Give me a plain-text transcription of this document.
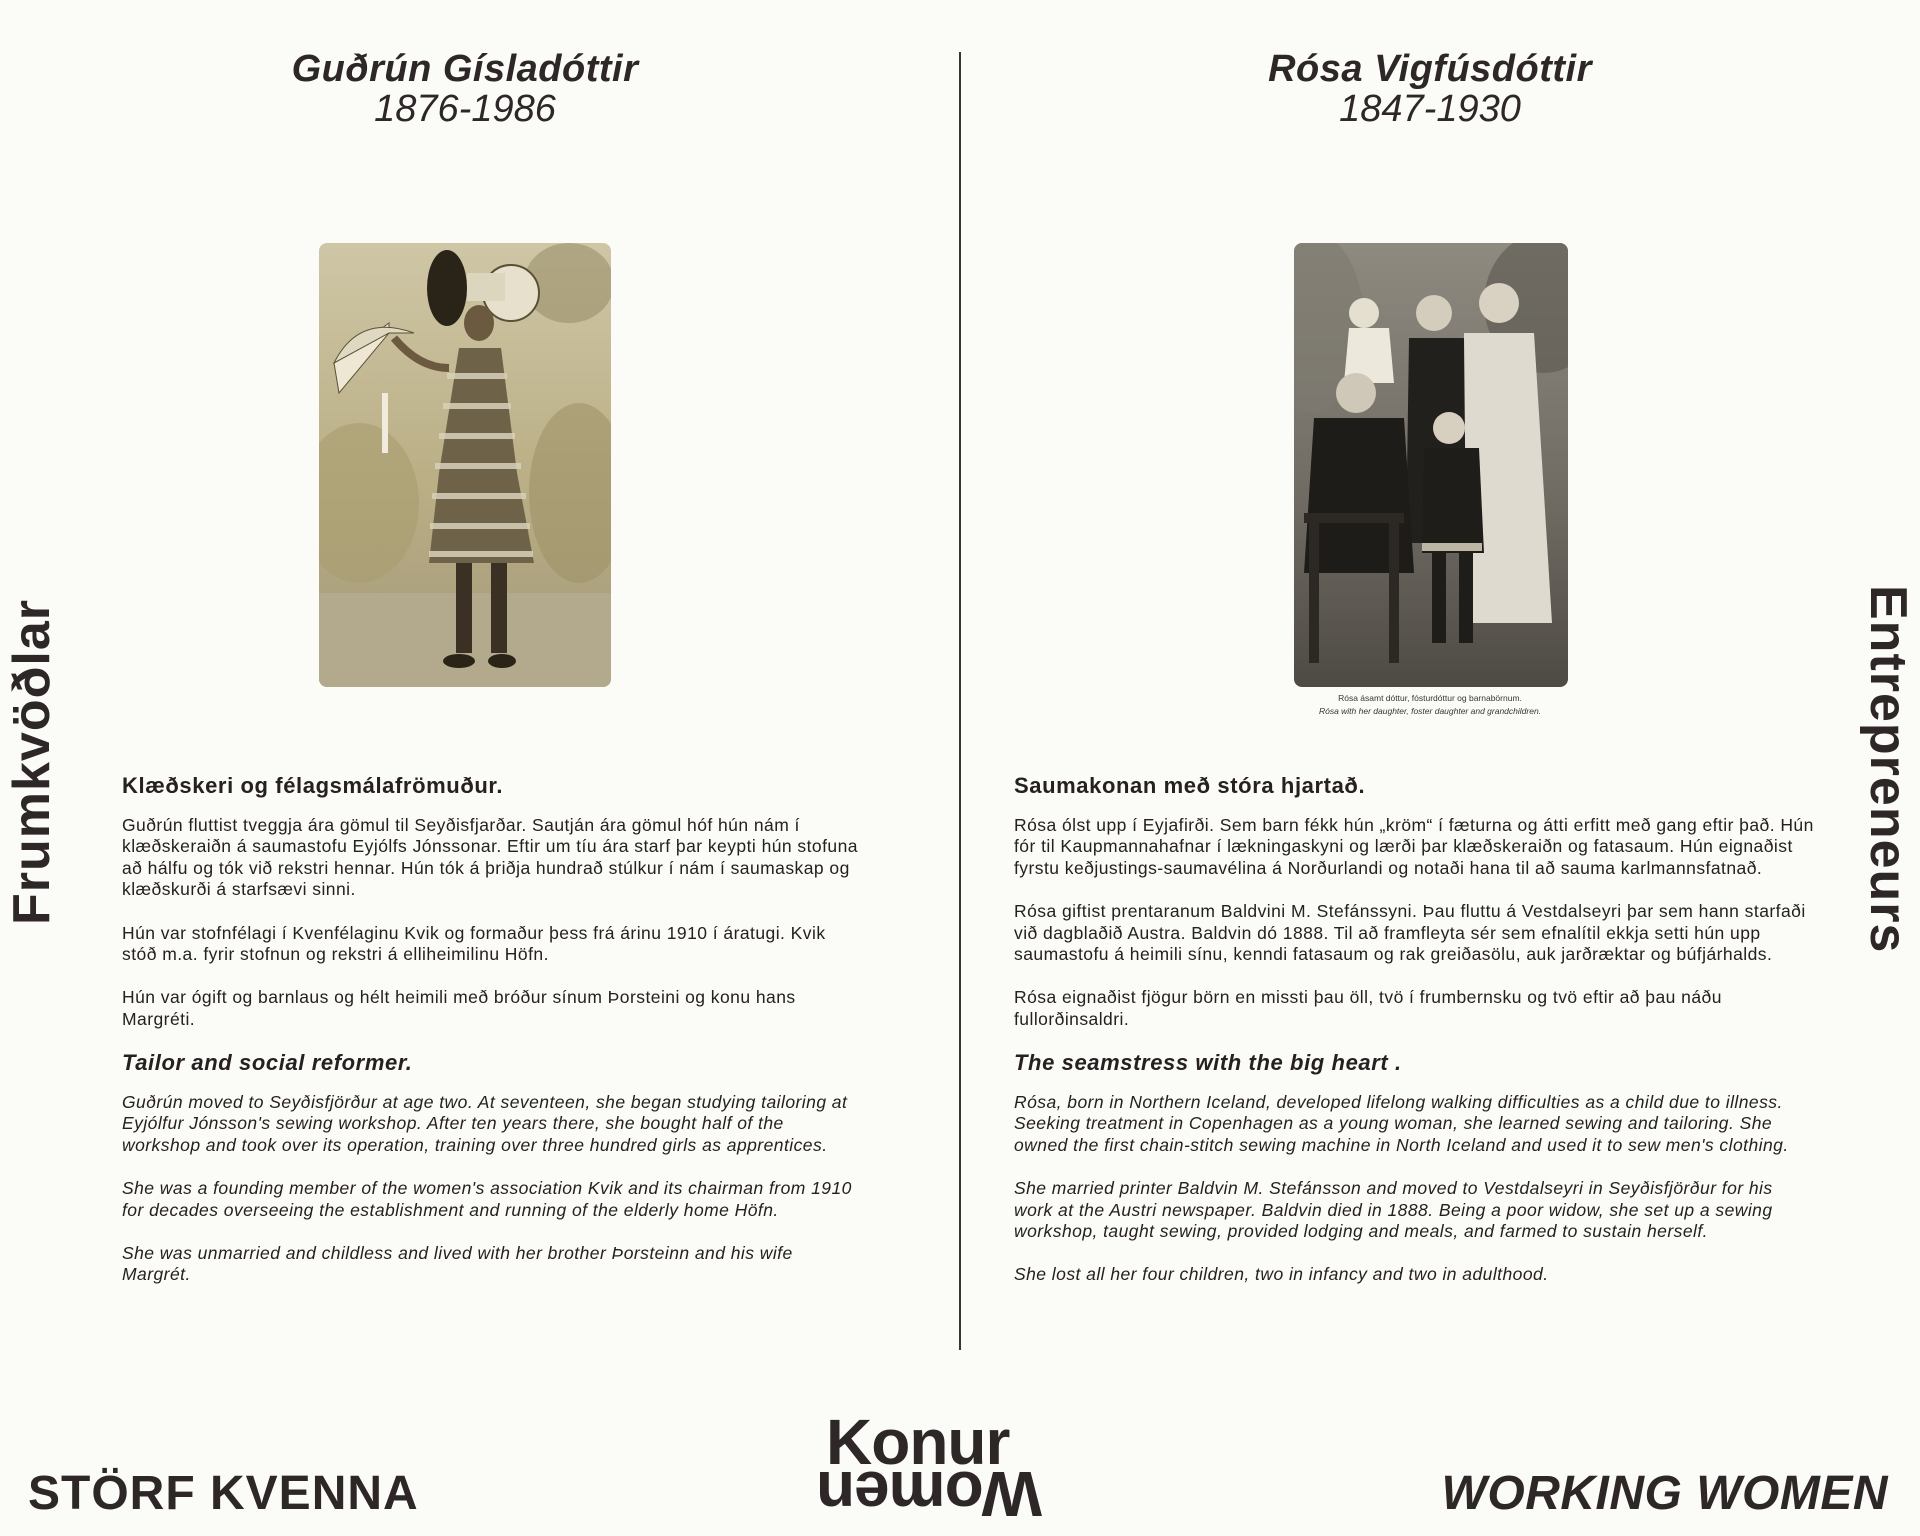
Guðrún Gísladóttir
1876-1986
Rósa Vigfúsdóttir
1847-1930
Rósa ásamt dóttur, fósturdóttur og barnabörnum.
Rósa with her daughter, foster daughter and grandchildren.
Klæðskeri og félagsmálafrömuður.

Guðrún fluttist tveggja ára gömul til Seyðisfjarðar. Sautján ára gömul hóf hún nám í klæðskeraiðn á saumastofu Eyjólfs Jónssonar. Eftir um tíu ára starf þar keypti hún stofuna að hálfu og tók við rekstri hennar. Hún tók á þriðja hundrað stúlkur í nám í saumaskap og klæðskurði á starfsævi sinni.

Hún var stofnfélagi í Kvenfélaginu Kvik og formaður þess frá árinu 1910 í áratugi. Kvik stóð m.a. fyrir stofnun og rekstri á elliheimilinu Höfn.

Hún var ógift og barnlaus og hélt heimili með bróður sínum Þorsteini og konu hans Margréti.

Tailor and social reformer.

Guðrún moved to Seyðisfjörður at age two. At seventeen, she began studying tailoring at Eyjólfur Jónsson's sewing workshop. After ten years there, she bought half of the workshop and took over its operation, training over three hundred girls as apprentices.

She was a founding member of the women's association Kvik and its chairman from 1910 for decades overseeing the establishment and running of the elderly home Höfn.

She was unmarried and childless and lived with her brother Þorsteinn and his wife Margrét.

Saumakonan með stóra hjartað.

Rósa ólst upp í Eyjafirði. Sem barn fékk hún „kröm“ í fæturna og átti erfitt með gang eftir það. Hún fór til Kaupmannahafnar í lækningaskyni og lærði þar klæðskeraiðn og fatasaum. Hún eignaðist fyrstu keðjustings-saumavélina á Norðurlandi og notaði hana til að sauma karlmannsfatnað.

Rósa giftist prentaranum Baldvini M. Stefánssyni. Þau fluttu á Vestdalseyri þar sem hann starfaði við dagblaðið Austra. Baldvin dó 1888. Til að framfleyta sér sem efnalítil ekkja setti hún upp saumastofu á heimili sínu, kenndi fatasaum og rak greiðasölu, auk jarðræktar og búfjárhalds.

Rósa eignaðist fjögur börn en missti þau öll, tvö í frumbernsku og tvö eftir að þau náðu fullorðinsaldri.

The seamstress with the big heart .

Rósa, born in Northern Iceland, developed lifelong walking difficulties as a child due to illness. Seeking treatment in Copenhagen as a young woman, she learned sewing and tailoring. She owned the first chain-stitch sewing machine in North Iceland and used it to sew men's clothing.

She married printer Baldvin M. Stefánsson and moved to Vestdalseyri in Seyðisfjörður for his work at the Austri newspaper. Baldvin died in 1888. Being a poor widow, she set up a sewing workshop, taught sewing, provided lodging and meals, and farmed to sustain herself.

She lost all her four children, two in infancy and two in adulthood.

Frumkvöðlar	Entrepreneurs
STÖRF KVENNA
Konur
Women	WORKING WOMEN
